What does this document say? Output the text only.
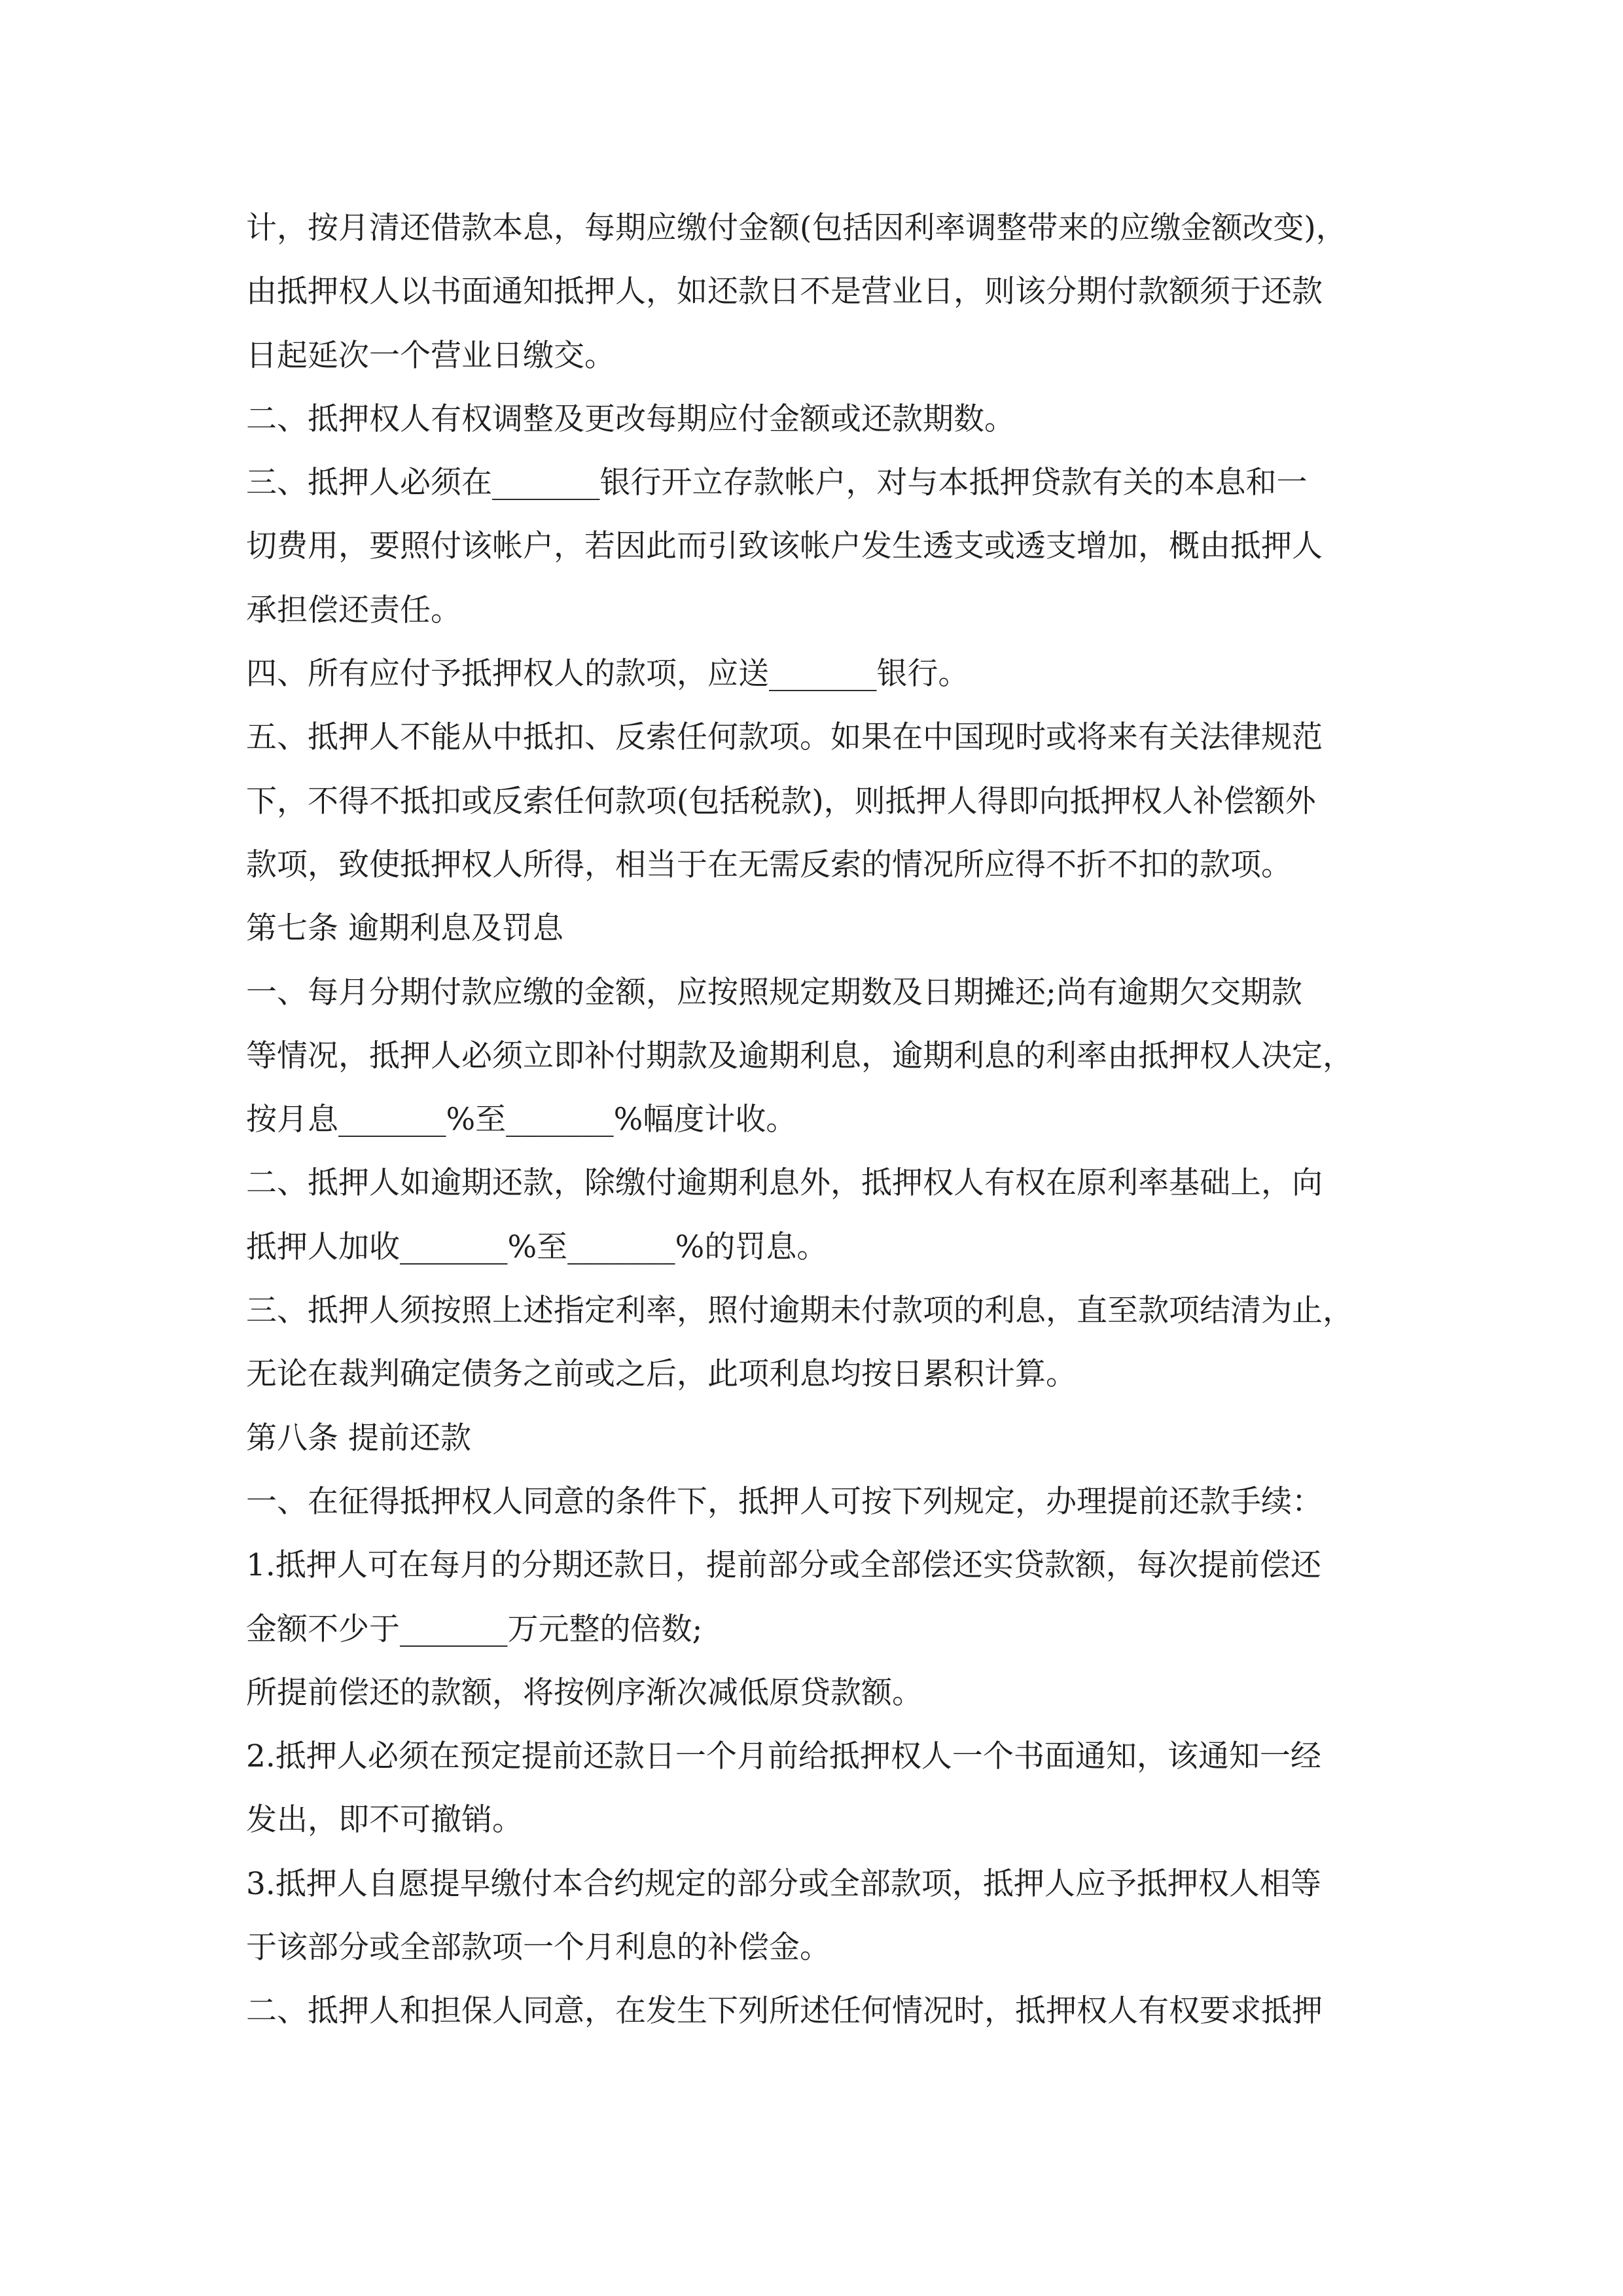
计，按月清还借款本息，每期应缴付金额(包括因利率调整带来的应缴金额改变)，

由抵押权人以书面通知抵押人，如还款日不是营业日，则该分期付款额须于还款

日起延次一个营业日缴交。

二、抵押权人有权调整及更改每期应付金额或还款期数。

三、抵押人必须在_______银行开立存款帐户，对与本抵押贷款有关的本息和一

切费用，要照付该帐户，若因此而引致该帐户发生透支或透支增加，概由抵押人

承担偿还责任。

四、所有应付予抵押权人的款项，应送_______银行。

五、抵押人不能从中抵扣、反索任何款项。如果在中国现时或将来有关法律规范

下，不得不抵扣或反索任何款项(包括税款)，则抵押人得即向抵押权人补偿额外

款项，致使抵押权人所得，相当于在无需反索的情况所应得不折不扣的款项。

第七条 逾期利息及罚息

一、每月分期付款应缴的金额，应按照规定期数及日期摊还;尚有逾期欠交期款

等情况，抵押人必须立即补付期款及逾期利息，逾期利息的利率由抵押权人决定，

按月息_______%至_______%幅度计收。

二、抵押人如逾期还款，除缴付逾期利息外，抵押权人有权在原利率基础上，向

抵押人加收_______%至_______%的罚息。

三、抵押人须按照上述指定利率，照付逾期未付款项的利息，直至款项结清为止，

无论在裁判确定债务之前或之后，此项利息均按日累积计算。

第八条 提前还款

一、在征得抵押权人同意的条件下，抵押人可按下列规定，办理提前还款手续：

1.抵押人可在每月的分期还款日，提前部分或全部偿还实贷款额，每次提前偿还

金额不少于_______万元整的倍数;

所提前偿还的款额，将按例序渐次减低原贷款额。

2.抵押人必须在预定提前还款日一个月前给抵押权人一个书面通知，该通知一经

发出，即不可撤销。

3.抵押人自愿提早缴付本合约规定的部分或全部款项，抵押人应予抵押权人相等

于该部分或全部款项一个月利息的补偿金。

二、抵押人和担保人同意，在发生下列所述任何情况时，抵押权人有权要求抵押
